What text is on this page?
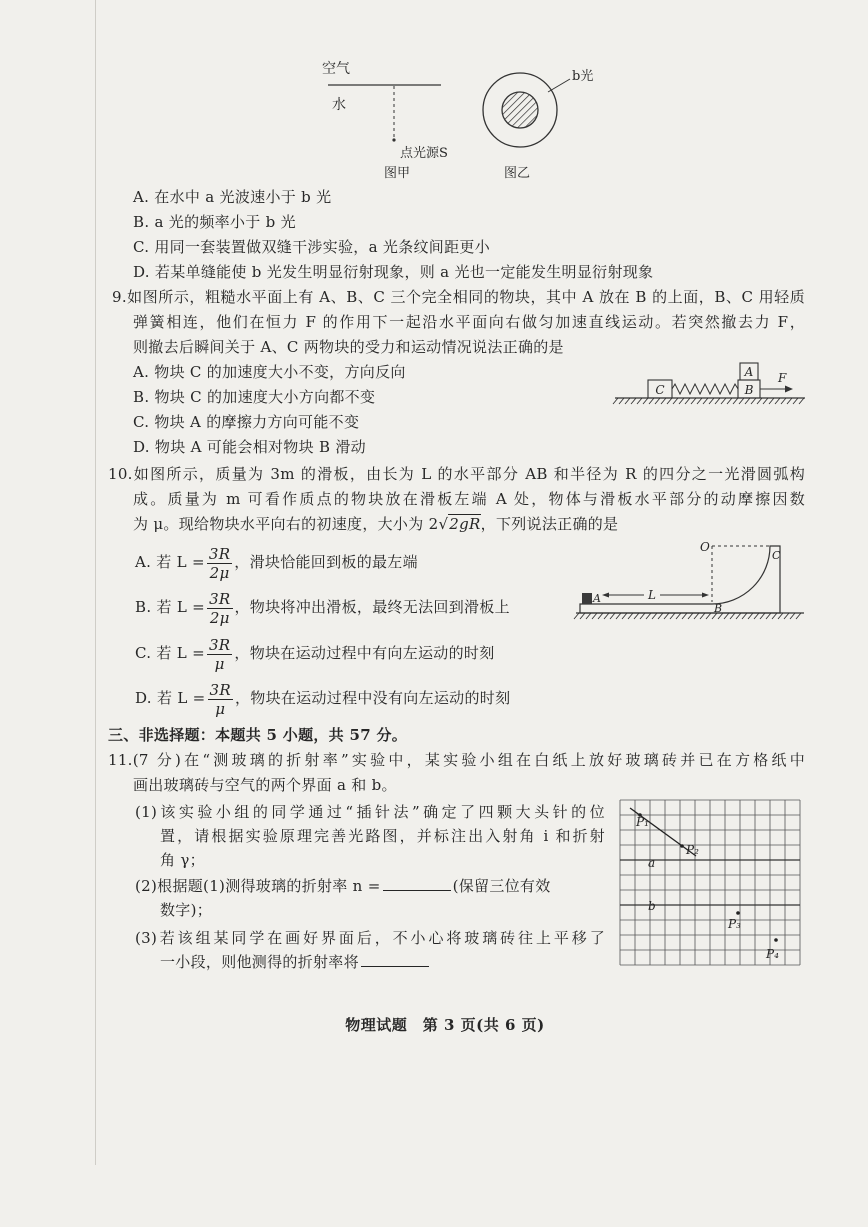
空气
水
点光源S
图甲
b光
图乙
A. 在水中 a 光波速小于 b 光
B. a 光的频率小于 b 光
C. 用同一套装置做双缝干涉实验，a 光条纹间距更小
D. 若某单缝能使 b 光发生明显衍射现象，则 a 光也一定能发生明显衍射现象
9.如图所示，粗糙水平面上有 A、B、C 三个完全相同的物块，其中 A 放在 B 的上面，B、C 用轻质
弹簧相连，他们在恒力 F 的作用下一起沿水平面向右做匀加速直线运动。若突然撤去力 F，
则撤去后瞬间关于 A、C 两物块的受力和运动情况说法正确的是
A. 物块 C 的加速度大小不变，方向反向
B. 物块 C 的加速度大小方向都不变
C. 物块 A 的摩擦力方向可能不变
D. 物块 A 可能会相对物块 B 滑动
C	B
A F
10.如图所示，质量为 3m 的滑板，由长为 L 的水平部分 AB 和半径为 R 的四分之一光滑圆弧构
成。质量为 m 可看作质点的物块放在滑板左端 A 处，物体与滑板水平部分的动摩擦因数
为 μ。现给物块水平向右的初速度，大小为 2√2gR，下列说法正确的是
A. 若 $L = \frac{3R}{2\mu}$ ，滑块恰能回到板的最左端
B. 若 $L = \frac{3R}{2\mu}$ ，物块将冲出滑板，最终无法回到滑板上
C. 若 $L = \frac{3R}{\mu}$ ，物块在运动过程中有向左运动的时刻
D. 若 $L = \frac{3R}{\mu}$ ，物块在运动过程中没有向左运动的时刻
A	L
B
O
C
三、非选择题：本题共 5 小题，共 57 分。
11.(7 分)在“测玻璃的折射率”实验中，某实验小组在白纸上放好玻璃砖并已在方格纸中
画出玻璃砖与空气的两个界面 a 和 b。
(1)该实验小组的同学通过“插针法”确定了四颗大头针的位
置，请根据实验原理完善光路图，并标注出入射角 i 和折射
角 γ；
(2)根据题(1)测得玻璃的折射率 n =	(保留三位有效
数字)；
(3)若该组某同学在画好界面后，不小心将玻璃砖往上平移了
一小段，则他测得的折射率将
P₁
P₂
a
b
P₃
P₄
物理试题　第 3 页(共 6 页)
